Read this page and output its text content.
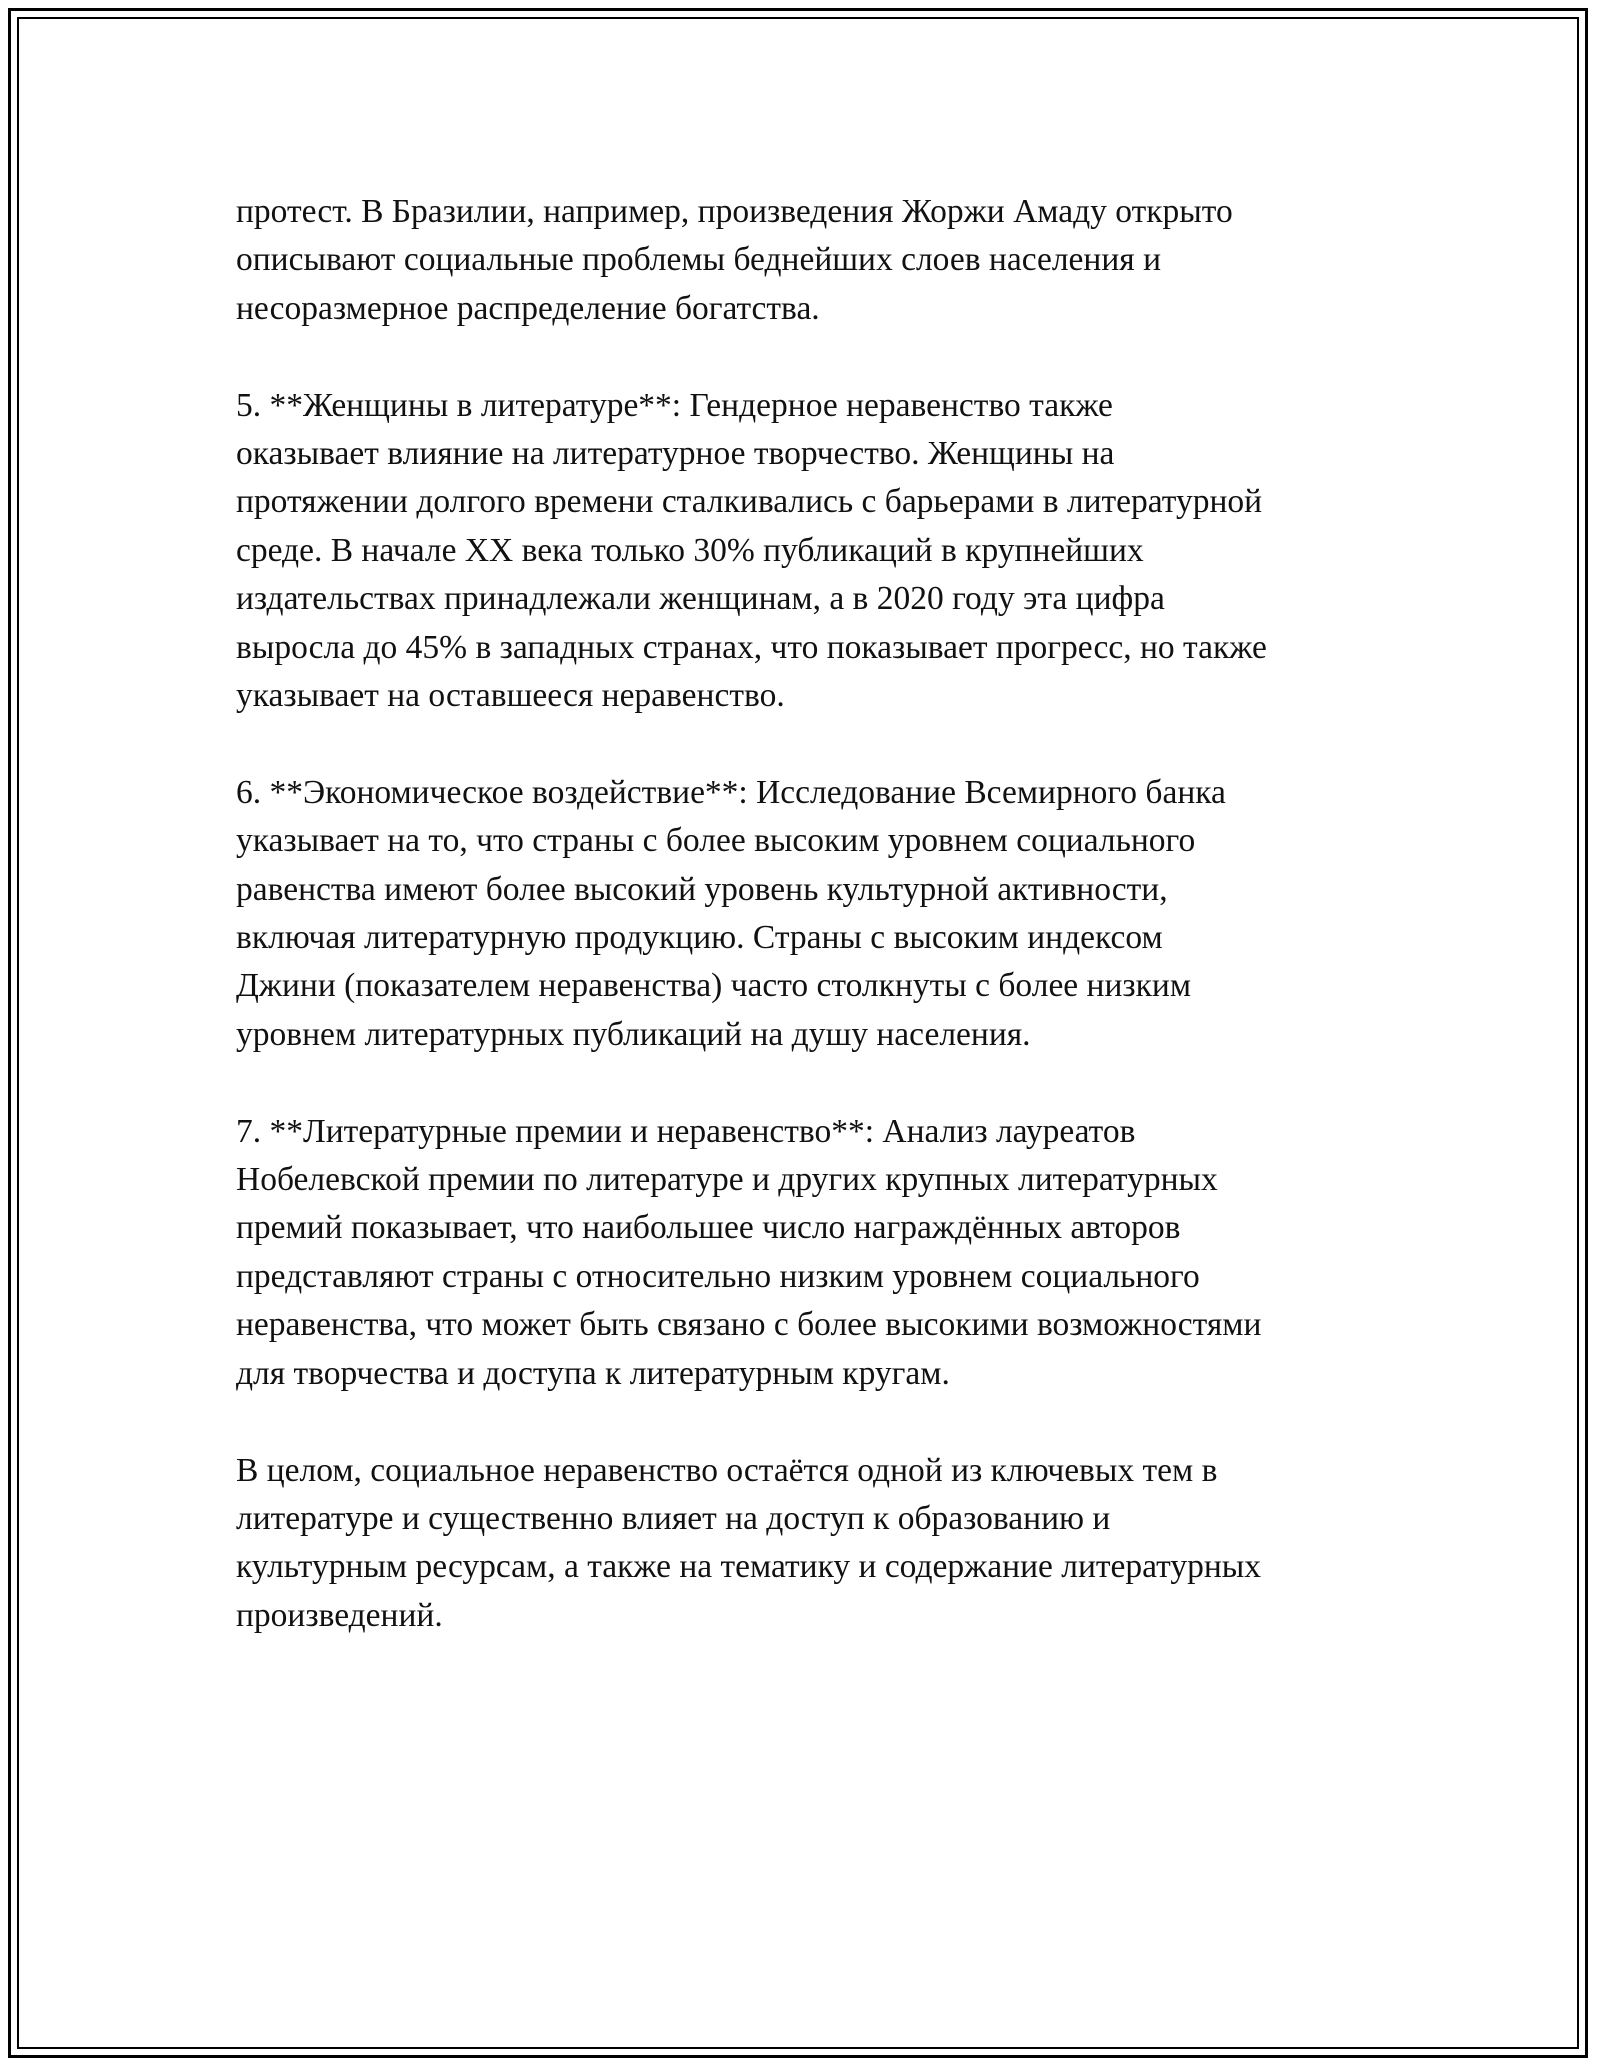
протест. В Бразилии, например, произведения Жоржи Амаду открыто
описывают социальные проблемы беднейших слоев населения и
несоразмерное распределение богатства.

5. **Женщины в литературе**: Гендерное неравенство также
оказывает влияние на литературное творчество. Женщины на
протяжении долгого времени сталкивались с барьерами в литературной
среде. В начале XX века только 30% публикаций в крупнейших
издательствах принадлежали женщинам, а в 2020 году эта цифра
выросла до 45% в западных странах, что показывает прогресс, но также
указывает на оставшееся неравенство.

6. **Экономическое воздействие**: Исследование Всемирного банка
указывает на то, что страны с более высоким уровнем социального
равенства имеют более высокий уровень культурной активности,
включая литературную продукцию. Страны с высоким индексом
Джини (показателем неравенства) часто столкнуты с более низким
уровнем литературных публикаций на душу населения.

7. **Литературные премии и неравенство**: Анализ лауреатов
Нобелевской премии по литературе и других крупных литературных
премий показывает, что наибольшее число награждённых авторов
представляют страны с относительно низким уровнем социального
неравенства, что может быть связано с более высокими возможностями
для творчества и доступа к литературным кругам.

В целом, социальное неравенство остаётся одной из ключевых тем в
литературе и существенно влияет на доступ к образованию и
культурным ресурсам, а также на тематику и содержание литературных
произведений.
